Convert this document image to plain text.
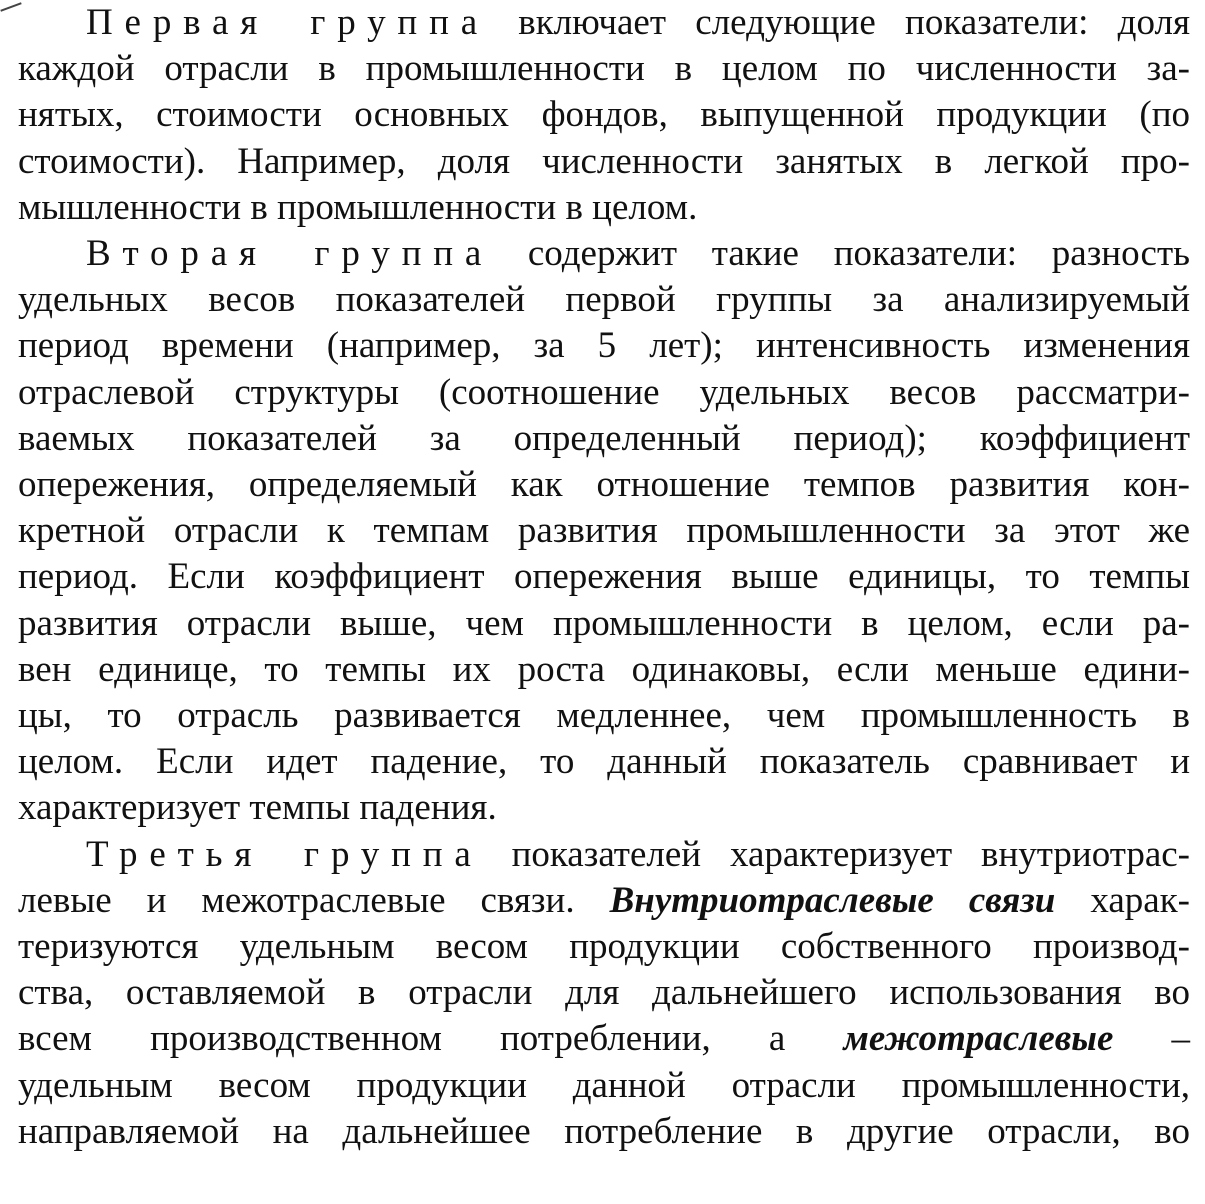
Первая группа включает следующие показатели: доля
каждой отрасли в промышленности в целом по численности за-
нятых, стоимости основных фондов, выпущенной продукции (по
стоимости). Например, доля численности занятых в легкой про-
мышленности в промышленности в целом.
Вторая группа содержит такие показатели: разность
удельных весов показателей первой группы за анализируемый
период времени (например, за 5 лет); интенсивность изменения
отраслевой структуры (соотношение удельных весов рассматри-
ваемых показателей за определенный период); коэффициент
опережения, определяемый как отношение темпов развития кон-
кретной отрасли к темпам развития промышленности за этот же
период. Если коэффициент опережения выше единицы, то темпы
развития отрасли выше, чем промышленности в целом, если ра-
вен единице, то темпы их роста одинаковы, если меньше едини-
цы, то отрасль развивается медленнее, чем промышленность в
целом. Если идет падение, то данный показатель сравнивает и
характеризует темпы падения.
Третья группа показателей характеризует внутриотрас-
левые и межотраслевые связи. Внутриотраслевые связи харак-
теризуются удельным весом продукции собственного производ-
ства, оставляемой в отрасли для дальнейшего использования во
всем производственном потреблении, а межотраслевые –
удельным весом продукции данной отрасли промышленности,
направляемой на дальнейшее потребление в другие отрасли, во
